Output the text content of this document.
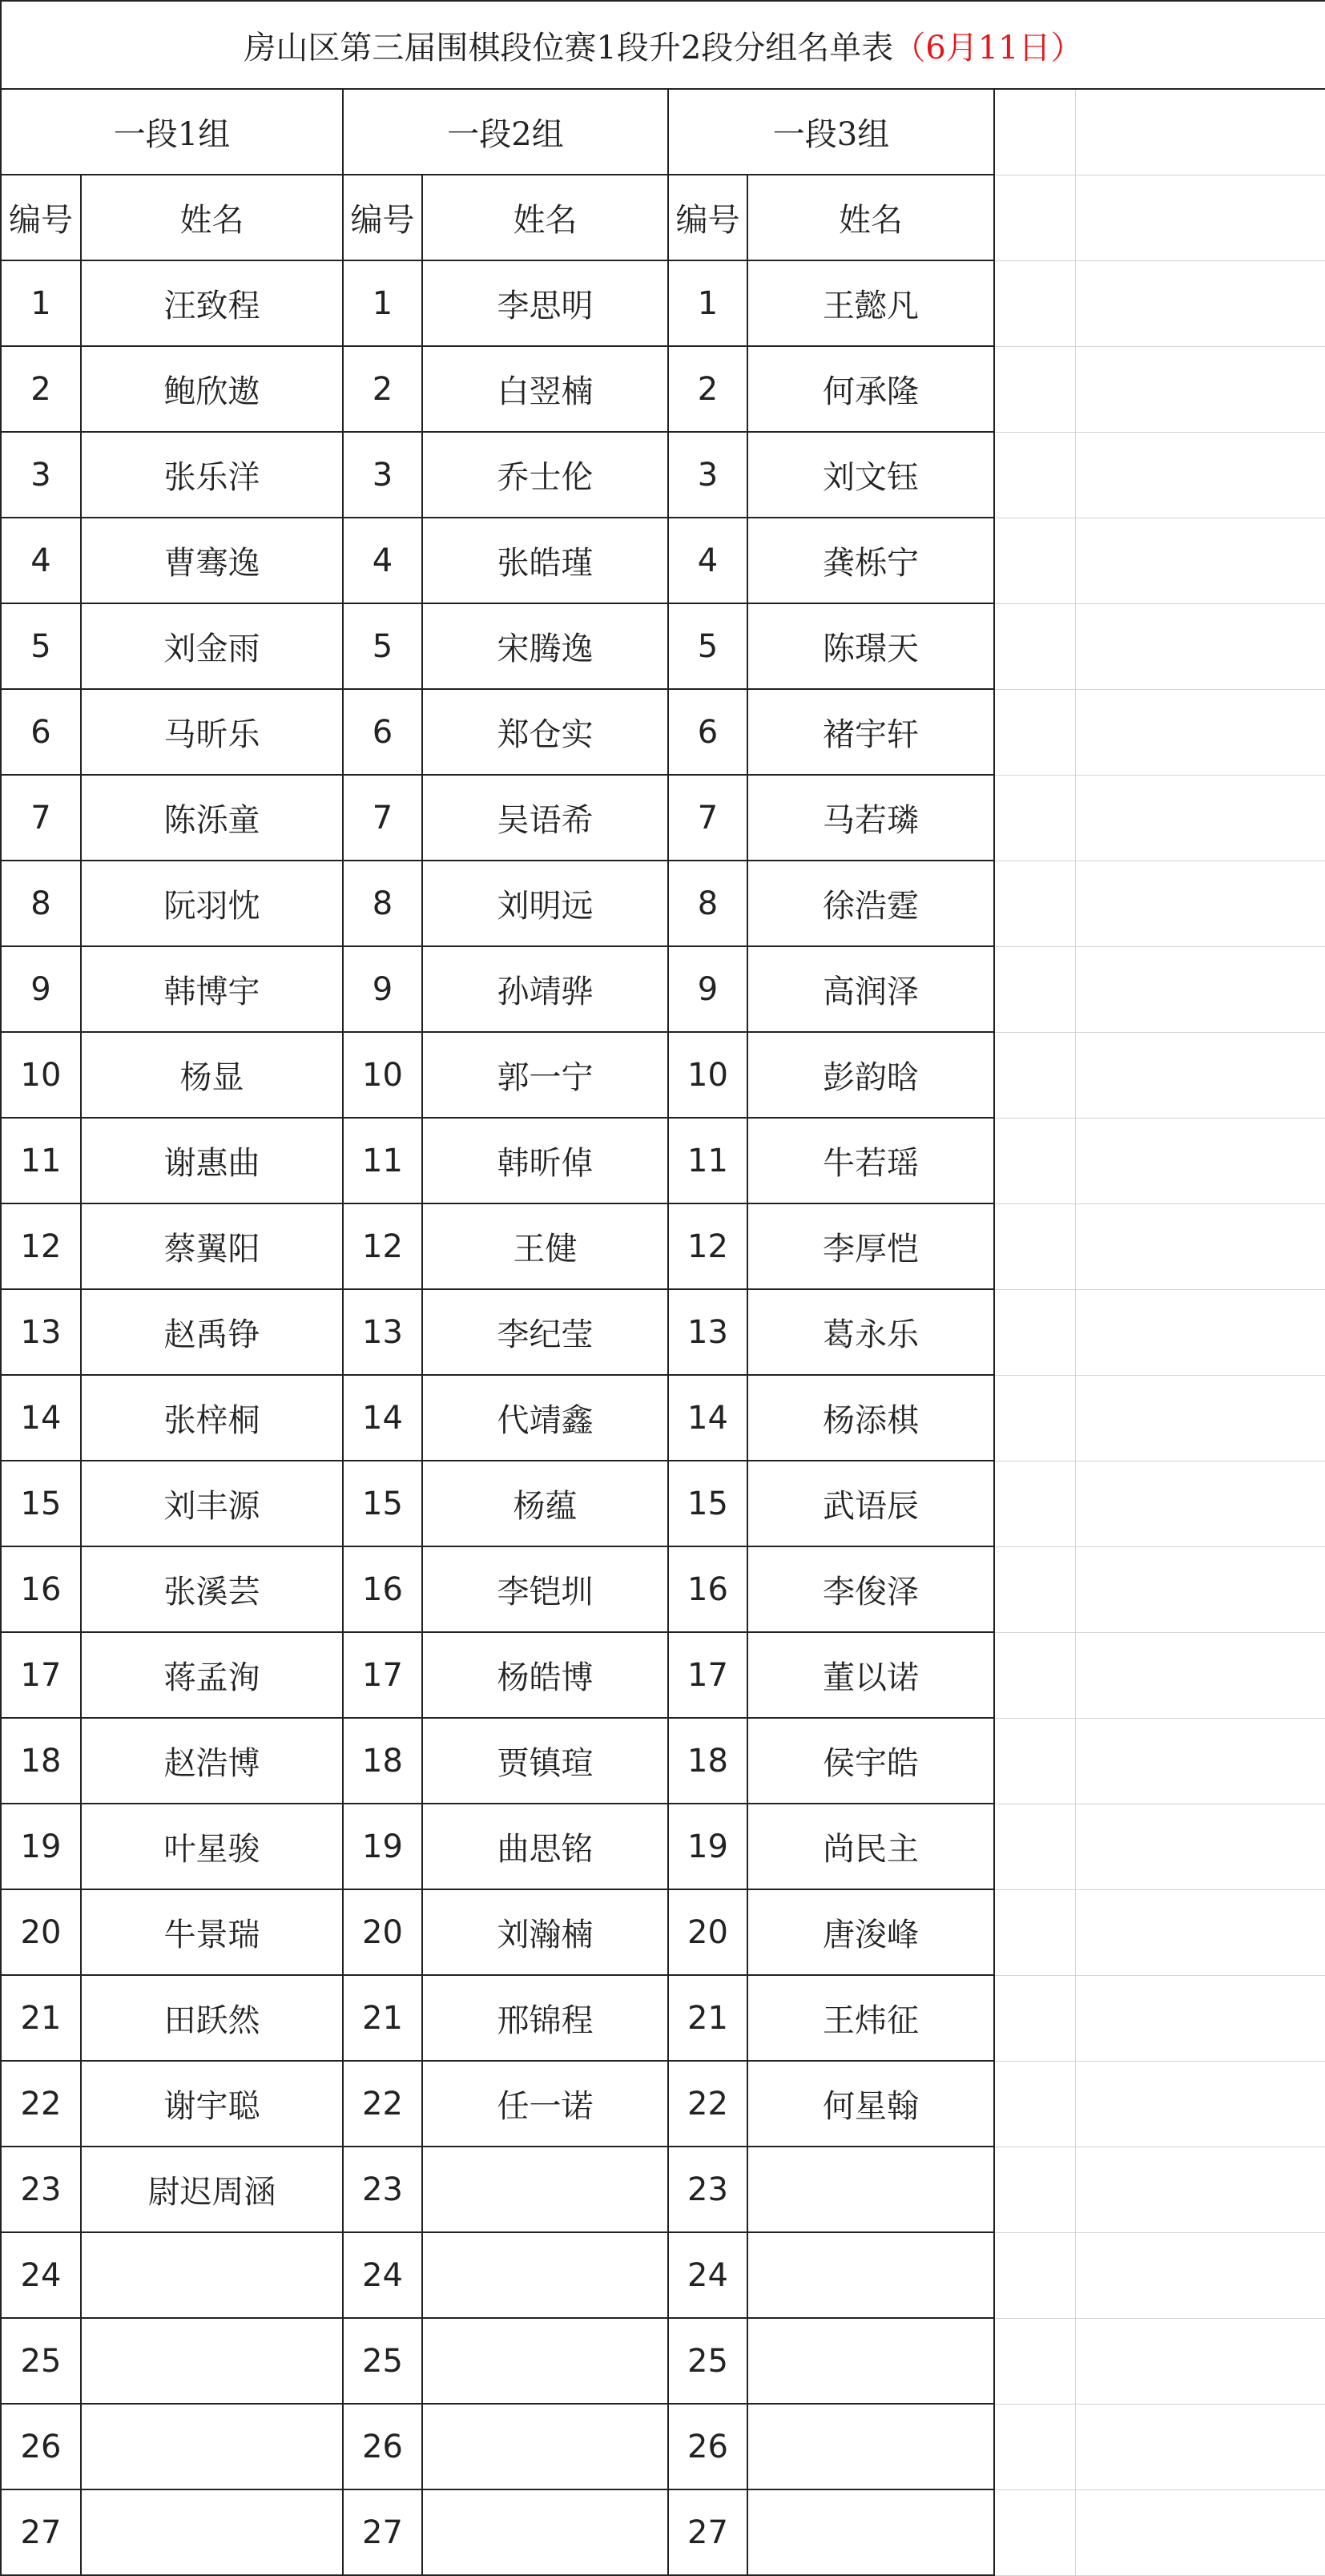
房山区第三届围棋段位赛1段升2段分组名单表（6月11日）							
一段1组		一段2组		一段3组			
编号	姓名	编号	姓名	编号	姓名		
1	汪致程	1	李思明	1	王懿凡		
2	鲍欣遨	2	白翌楠	2	何承隆		
3	张乐洋	3	乔士伦	3	刘文钰		
4	曹骞逸	4	张皓瑾	4	龚栎宁		
5	刘金雨	5	宋腾逸	5	陈璟天		
6	马昕乐	6	郑仓实	6	褚宇轩		
7	陈泺童	7	吴语希	7	马若璘		
8	阮羽忱	8	刘明远	8	徐浩霆		
9	韩博宇	9	孙靖骅	9	高润泽		
10	杨显	10	郭一宁	10	彭韵晗		
11	谢惠曲	11	韩昕倬	11	牛若瑶		
12	蔡翼阳	12	王健	12	李厚恺		
13	赵禹铮	13	李纪莹	13	葛永乐		
14	张梓桐	14	代靖鑫	14	杨添棋		
15	刘丰源	15	杨蕴	15	武语辰		
16	张溪芸	16	李铠圳	16	李俊泽		
17	蒋孟洵	17	杨皓博	17	董以诺		
18	赵浩博	18	贾镇瑄	18	侯宇皓		
19	叶星骏	19	曲思铭	19	尚民主		
20	牛景瑞	20	刘瀚楠	20	唐浚峰		
21	田跃然	21	邢锦程	21	王炜征		
22	谢宇聪	22	任一诺	22	何星翰		
23	尉迟周涵	23		23			
24		24		24			
25		25		25			
26		26		26			
27		27		27			
